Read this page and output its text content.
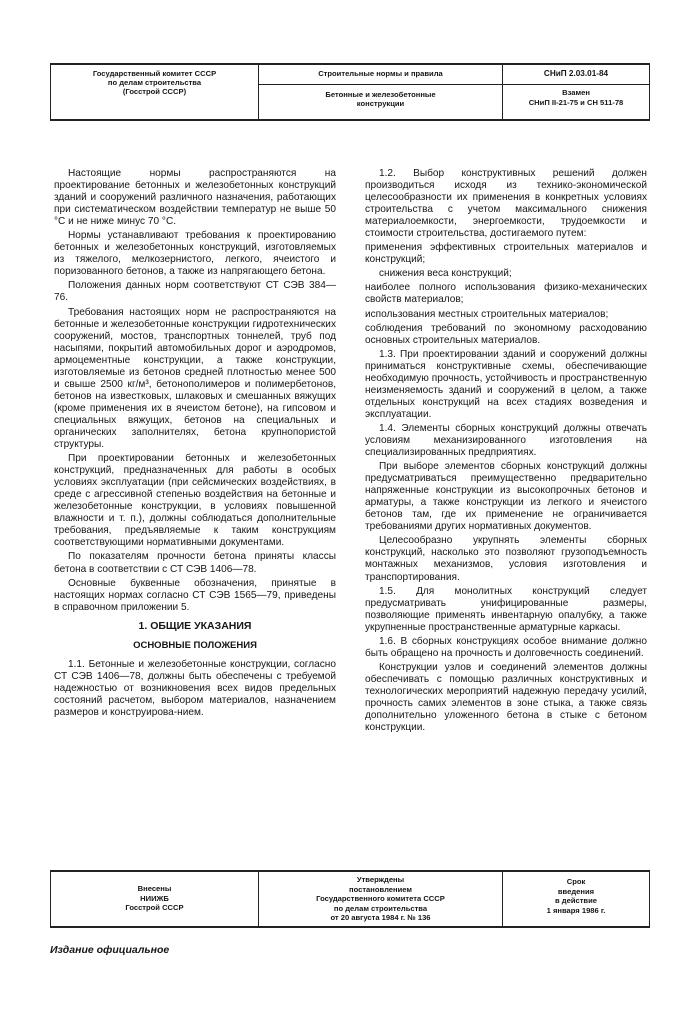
Государственный комитет СССР
по делам строительства
(Госстрой СССР)
Строительные нормы и правила
Бетонные и железобетонные
конструкции
СНиП 2.03.01-84
Взамен
СНиП II-21-75 и СН 511-78

Настоящие нормы распространяются на проектирование бетонных и железобетонных конструкций зданий и сооружений различного назначения, работающих при систематическом воздействии температур не выше 50 °С и не ниже минус 70 °С.

Нормы устанавливают требования к проектированию бетонных и железобетонных конструкций, изготовляемых из тяжелого, мелкозернистого, легкого, ячеистого и поризованного бетонов, а также из напрягающего бетона.

Положения данных норм соответствуют СТ СЭВ 384—76.

Требования настоящих норм не распространяются на бетонные и железобетонные конструкции гидротехнических сооружений, мостов, транспортных тоннелей, труб под насыпями, покрытий автомобильных дорог и аэродромов, армоцементные конструкции, а также конструкции, изготовляемые из бетонов средней плотностью менее 500 и свыше 2500 кг/м³, бетонополимеров и полимербетонов, бетонов на известковых, шлаковых и смешанных вяжущих (кроме применения их в ячеистом бетоне), на гипсовом и специальных вяжущих, бетонов на специальных и органических заполнителях, бетона крупнопористой структуры.

При проектировании бетонных и железобетонных конструкций, предназначенных для работы в особых условиях эксплуатации (при сейсмических воздействиях, в среде с агрессивной степенью воздействия на бетонные и железобетонные конструкции, в условиях повышенной влажности и т. п.), должны соблюдаться дополнительные требования, предъявляемые к таким конструкциям соответствующими нормативными документами.

По показателям прочности бетона приняты классы бетона в соответствии с СТ СЭВ 1406—78.

Основные буквенные обозначения, принятые в настоящих нормах согласно СТ СЭВ 1565—79, приведены в справочном приложении 5.

1. ОБЩИЕ УКАЗАНИЯ
ОСНОВНЫЕ ПОЛОЖЕНИЯ

1.1. Бетонные и железобетонные конструкции, согласно СТ СЭВ 1406—78, должны быть обеспечены с требуемой надежностью от возникновения всех видов предельных состояний расчетом, выбором материалов, назначением размеров и конструирова-нием.

1.2. Выбор конструктивных решений должен производиться исходя из технико-экономической целесообразности их применения в конкретных условиях строительства с учетом максимального снижения материалоемкости, энергоемкости, трудоемкости и стоимости строительства, достигаемого путем:

применения эффективных строительных материалов и конструкций;

снижения веса конструкций;

наиболее полного использования физико-механических свойств материалов;

использования местных строительных материалов;

соблюдения требований по экономному расходованию основных строительных материалов.

1.3. При проектировании зданий и сооружений должны приниматься конструктивные схемы, обеспечивающие необходимую прочность, устойчивость и пространственную неизменяемость зданий и сооружений в целом, а также отдельных конструкций на всех стадиях возведения и эксплуатации.

1.4. Элементы сборных конструкций должны отвечать условиям механизированного изготовления на специализированных предприятиях.

При выборе элементов сборных конструкций должны предусматриваться преимущественно предварительно напряженные конструкции из высокопрочных бетонов и арматуры, а также конструкции из легкого и ячеистого бетонов там, где их применение не ограничивается требованиями других нормативных документов.

Целесообразно укрупнять элементы сборных конструкций, насколько это позволяют грузоподъемность монтажных механизмов, условия изготовления и транспортирования.

1.5. Для монолитных конструкций следует предусматривать унифицированные размеры, позволяющие применять инвентарную опалубку, а также укрупненные пространственные арматурные каркасы.

1.6. В сборных конструкциях особое внимание должно быть обращено на прочность и долговечность соединений.

Конструкции узлов и соединений элементов должны обеспечивать с помощью различных конструктивных и технологических мероприятий надежную передачу усилий, прочность самих элементов в зоне стыка, а также связь дополнительно уложенного бетона в стыке с бетоном конструкции.

Внесены
НИИЖБ
Госстрой СССР
Утверждены
постановлением
Государственного комитета СССР
по делам строительства
от 20 августа 1984 г. № 136
Срок
введения
в действие
1 января 1986 г.
Издание официальное
